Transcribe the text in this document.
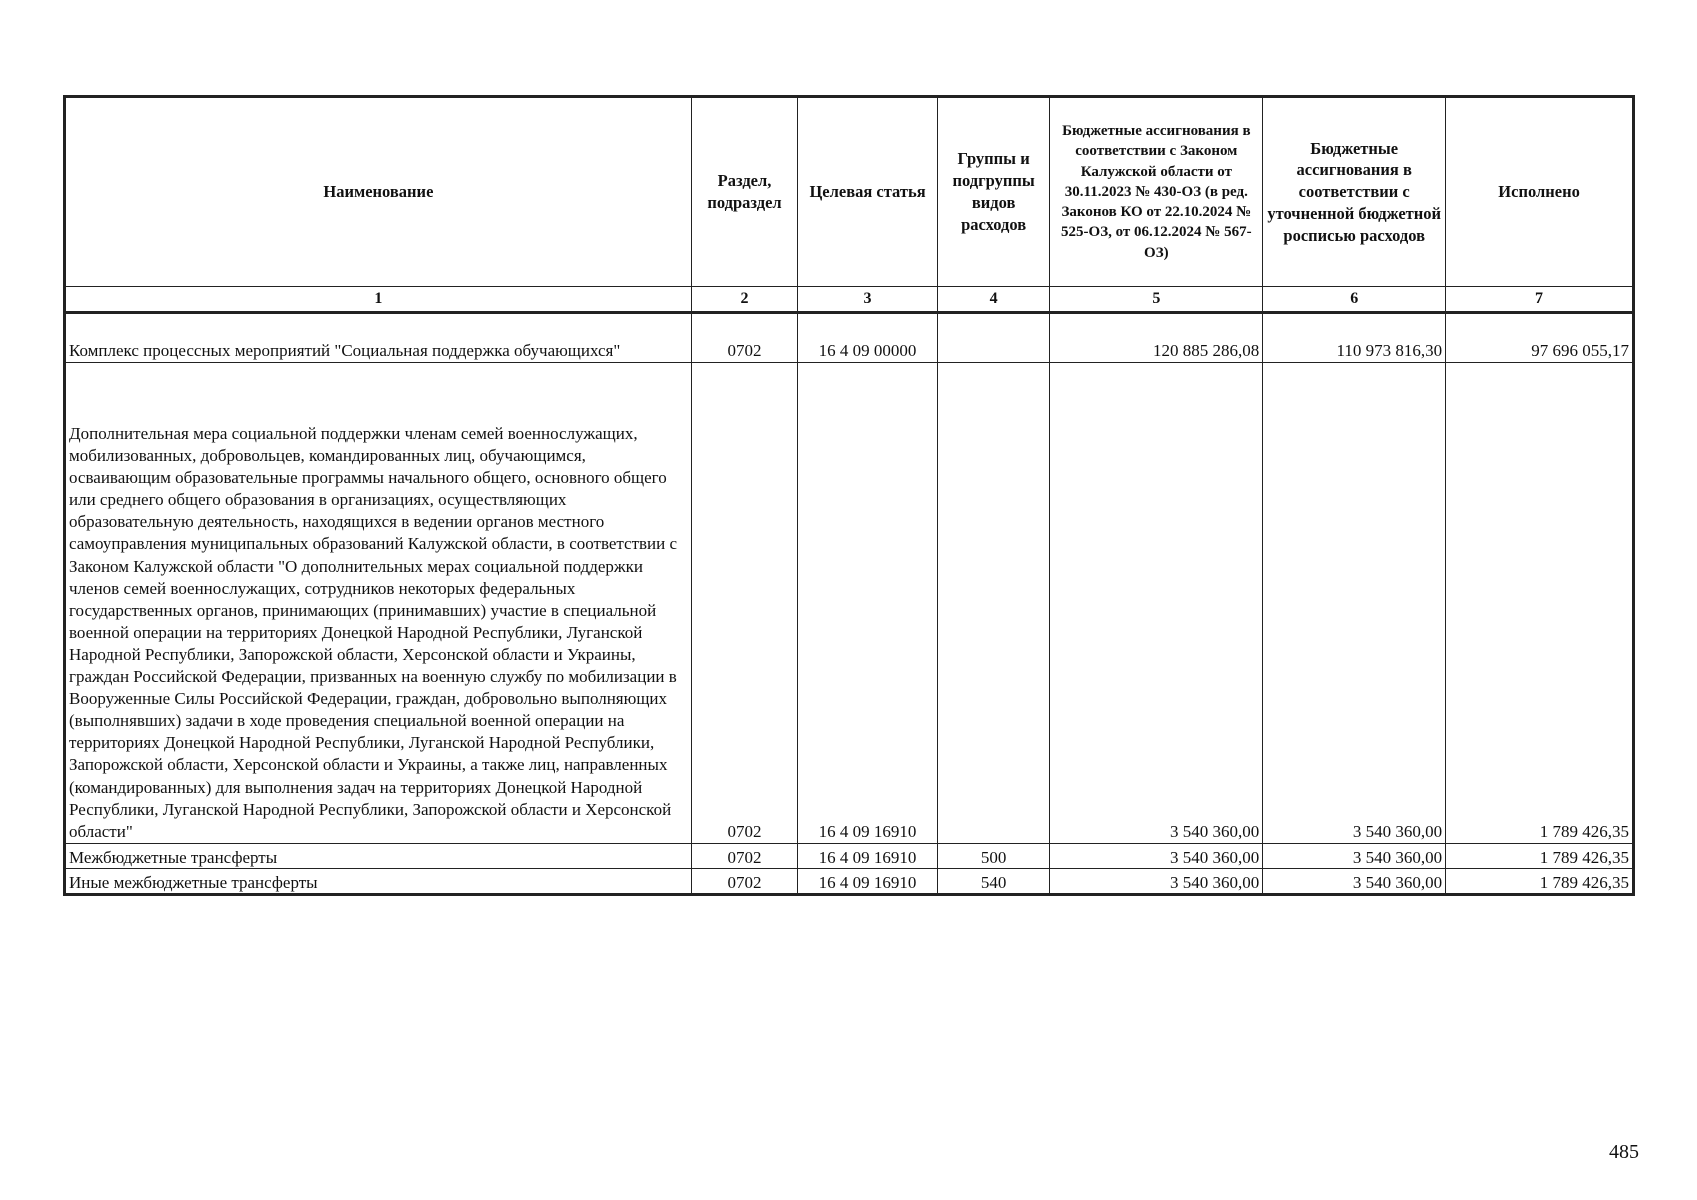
Наименование	Раздел, подраздел	Целевая статья	Группы и подгруппы видов расходов	Бюджетные ассигнования в соответствии с Законом Калужской области от 30.11.2023 № 430-ОЗ (в ред. Законов КО от 22.10.2024 № 525-ОЗ, от 06.12.2024 № 567-ОЗ)	Бюджетные ассигнования в соответствии с уточненной бюджетной росписью расходов	Исполнено
1	2	3	4	5	6	7
Комплекс процессных мероприятий "Социальная поддержка обучающихся"	0702	16 4 09 00000		120 885 286,08	110 973 816,30	97 696 055,17
Дополнительная мера социальной поддержки членам семей военнослужащих, мобилизованных, добровольцев, командированных лиц, обучающимся, осваивающим образовательные программы начального общего, основного общего или среднего общего образования в организациях, осуществляющих образовательную деятельность, находящихся в ведении органов местного самоуправления муниципальных образований Калужской области, в соответствии с Законом Калужской области "О дополнительных мерах социальной поддержки членов семей военнослужащих, сотрудников некоторых федеральных государственных органов, принимающих (принимавших) участие в специальной военной операции на территориях Донецкой Народной Республики, Луганской Народной Республики, Запорожской области, Херсонской области и Украины, граждан Российской Федерации, призванных на военную службу по мобилизации в Вооруженные Силы Российской Федерации, граждан, добровольно выполняющих (выполнявших) задачи в ходе проведения специальной военной операции на территориях Донецкой Народной Республики, Луганской Народной Республики, Запорожской области, Херсонской области и Украины, а также лиц, направленных (командированных) для выполнения задач на территориях Донецкой Народной Республики, Луганской Народной Республики, Запорожской области и Херсонской области"	0702	16 4 09 16910		3 540 360,00	3 540 360,00	1 789 426,35
Межбюджетные трансферты	0702	16 4 09 16910	500	3 540 360,00	3 540 360,00	1 789 426,35
Иные межбюджетные трансферты	0702	16 4 09 16910	540	3 540 360,00	3 540 360,00	1 789 426,35
485
